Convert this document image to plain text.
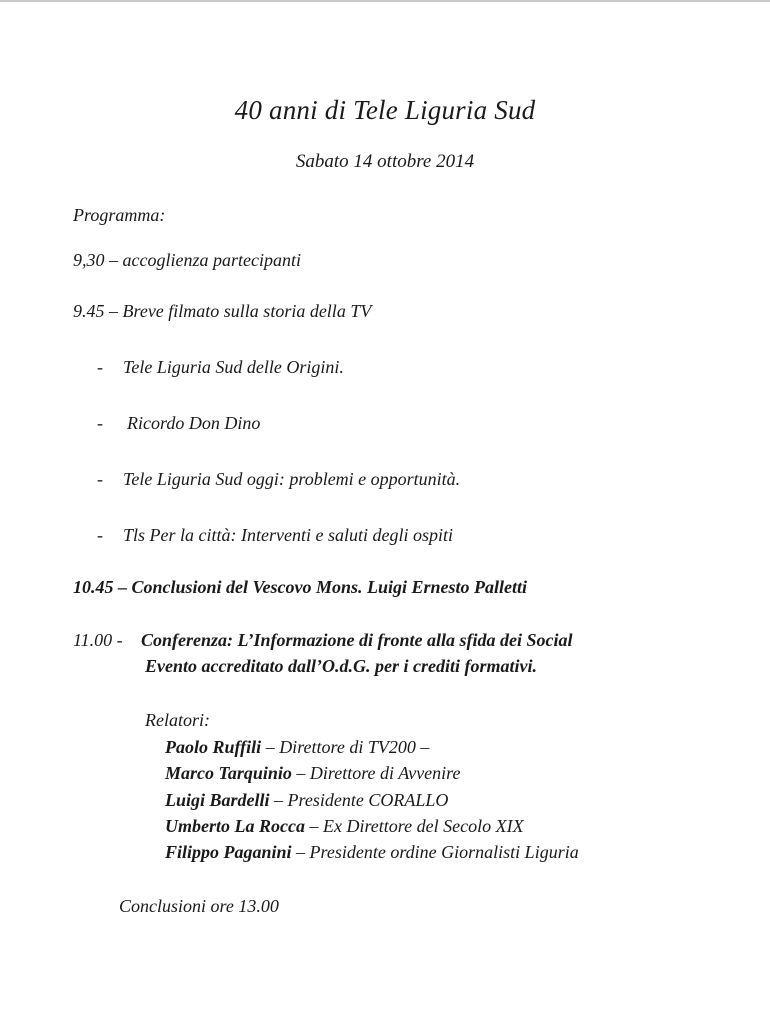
40 anni di Tele Liguria Sud
Sabato 14 ottobre 2014
Programma:
9,30 – accoglienza partecipanti
9.45 – Breve filmato sulla storia della TV
- Tele Liguria Sud delle Origini.
- Ricordo Don Dino
- Tele Liguria Sud oggi: problemi e opportunità.
- Tls Per la città: Interventi e saluti degli ospiti
10.45 – Conclusioni del Vescovo Mons. Luigi Ernesto Palletti
11.00 - Conferenza: L’Informazione di fronte alla sfida dei Social
Evento accreditato dall’O.d.G. per i crediti formativi.
Relatori:
Paolo Ruffili – Direttore di TV200 –
Marco Tarquinio – Direttore di Avvenire
Luigi Bardelli – Presidente CORALLO
Umberto La Rocca – Ex Direttore del Secolo XIX
Filippo Paganini – Presidente ordine Giornalisti Liguria
Conclusioni ore 13.00
